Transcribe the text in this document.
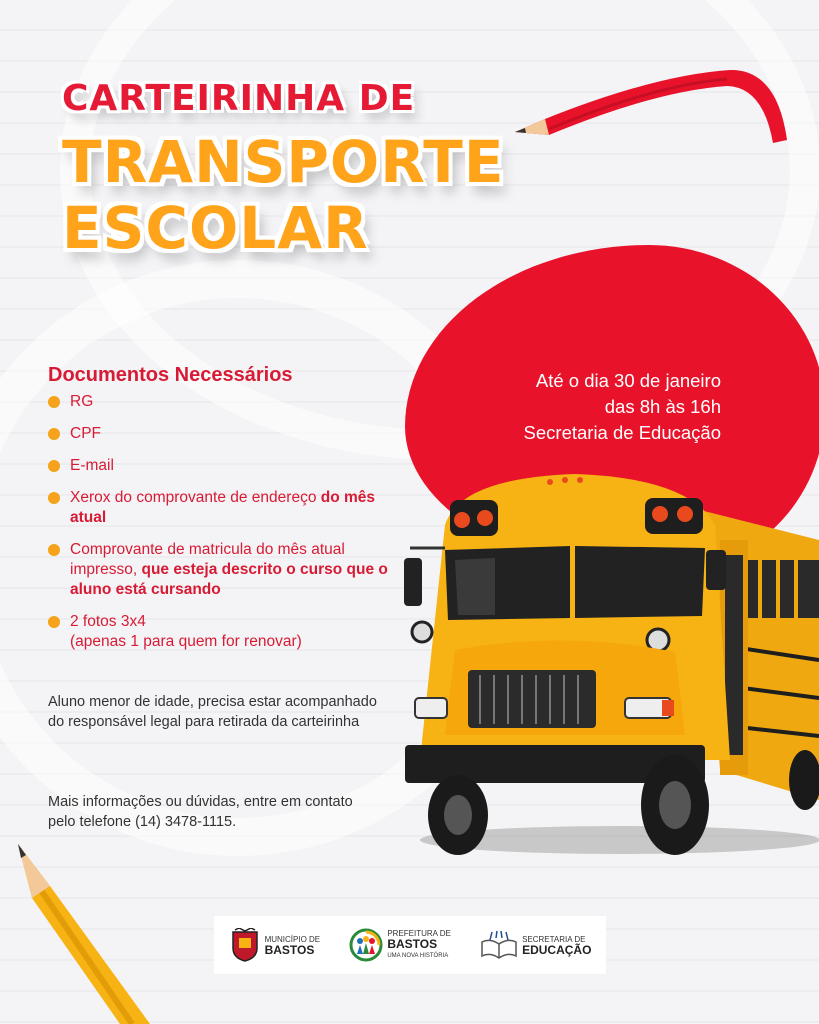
CARTEIRINHA DE
TRANSPORTE
ESCOLAR
Até o dia 30 de janeiro
das 8h às 16h
Secretaria de Educação
Documentos Necessários
RG
CPF
E-mail
Xerox do comprovante de endereço do mês atual
Comprovante de matricula do mês atual impresso, que esteja descrito o curso que o aluno está cursando
2 fotos 3x4
(apenas 1 para quem for renovar)
Aluno menor de idade, precisa estar acompanhado do responsável legal para retirada da carteirinha
Mais informações ou dúvidas, entre em contato pelo telefone (14) 3478-1115.
MUNICÍPIO DE
BASTOS
PREFEITURA DE
BASTOS
UMA NOVA HISTÓRIA
SECRETARIA DE
EDUCAÇÃO
